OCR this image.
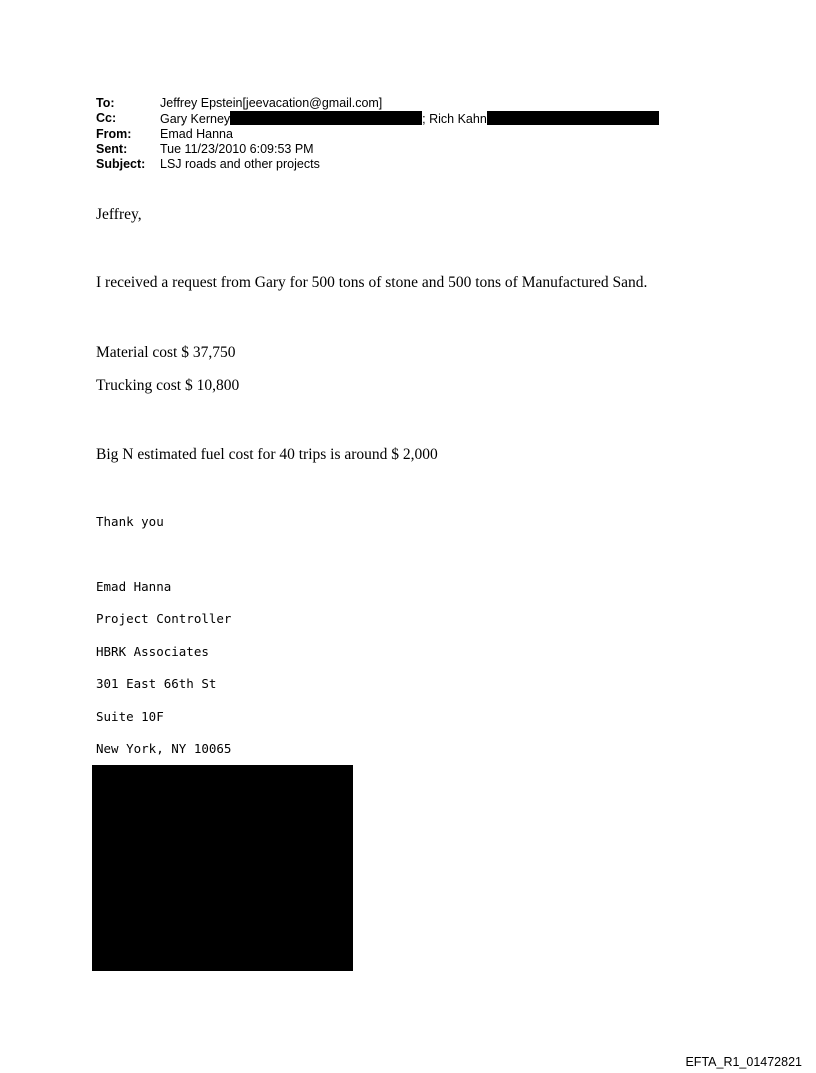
To:	Jeffrey Epstein[jeevacation@gmail.com]
Cc:	Gary Kerney	; Rich Kahn
From: Emad Hanna
Sent:	Tue 11/23/2010 6:09:53 PM
Subject: LSJ roads and other projects
Jeffrey,
I received a request from Gary for 500 tons of stone and 500 tons of Manufactured Sand.
Material cost $ 37,750
Trucking cost $ 10,800
Big N estimated fuel cost for 40 trips is around $ 2,000
Thank you
Emad Hanna
Project Controller
HBRK Associates
301 East 66th St
Suite 10F
New York, NY 10065
EFTA_R1_01472821
